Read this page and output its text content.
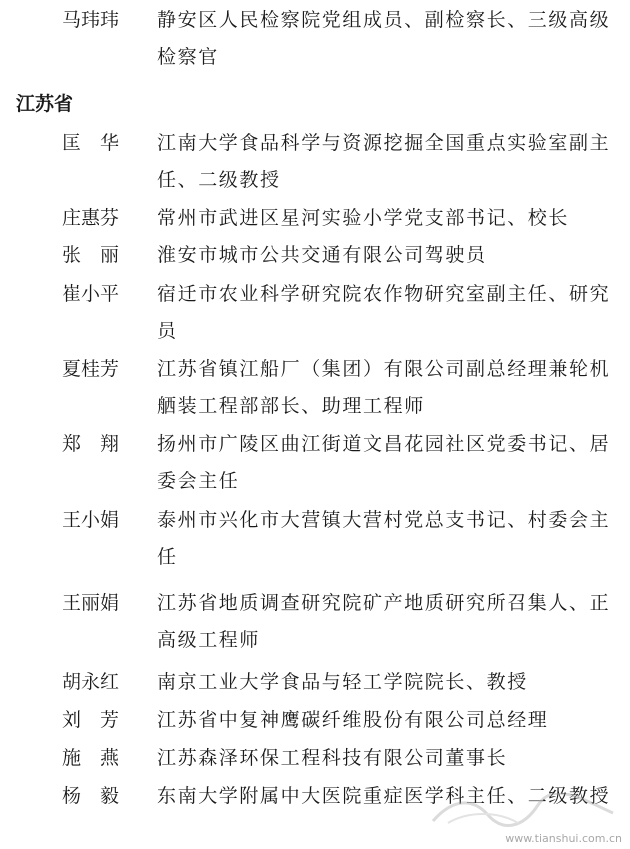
马玮玮	静安区人民检察院党组成员、副检察长、三级高级检察官
江苏省
匡　华	江南大学食品科学与资源挖掘全国重点实验室副主任、二级教授
庄惠芬	常州市武进区星河实验小学党支部书记、校长
张　丽	淮安市城市公共交通有限公司驾驶员
崔小平	宿迁市农业科学研究院农作物研究室副主任、研究员
夏桂芳	江苏省镇江船厂（集团）有限公司副总经理兼轮机舾装工程部部长、助理工程师
郑　翔	扬州市广陵区曲江街道文昌花园社区党委书记、居委会主任
王小娟	泰州市兴化市大营镇大营村党总支书记、村委会主任
王丽娟	江苏省地质调查研究院矿产地质研究所召集人、正高级工程师
胡永红	南京工业大学食品与轻工学院院长、教授
刘　芳	江苏省中复神鹰碳纤维股份有限公司总经理
施　燕	江苏森泽环保工程科技有限公司董事长
杨　毅	东南大学附属中大医院重症医学科主任、二级教授
www.tianshui.com.cn
